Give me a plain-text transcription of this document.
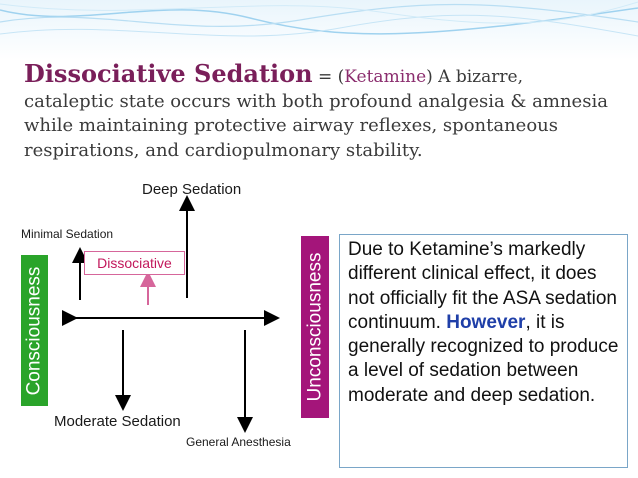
Dissociative Sedation = (Ketamine) A bizarre,
cataleptic state occurs with both profound analgesia & amnesia while maintaining protective airway reflexes, spontaneous respirations, and cardiopulmonary stability.
Deep Sedation
Minimal Sedation
Dissociative
Moderate Sedation
General Anesthesia
Consciousness	Unconsciousness
Due to Ketamine’s markedly different clinical effect, it does not officially fit the ASA sedation continuum. However, it is generally recognized to produce a level of sedation between moderate and deep sedation.
